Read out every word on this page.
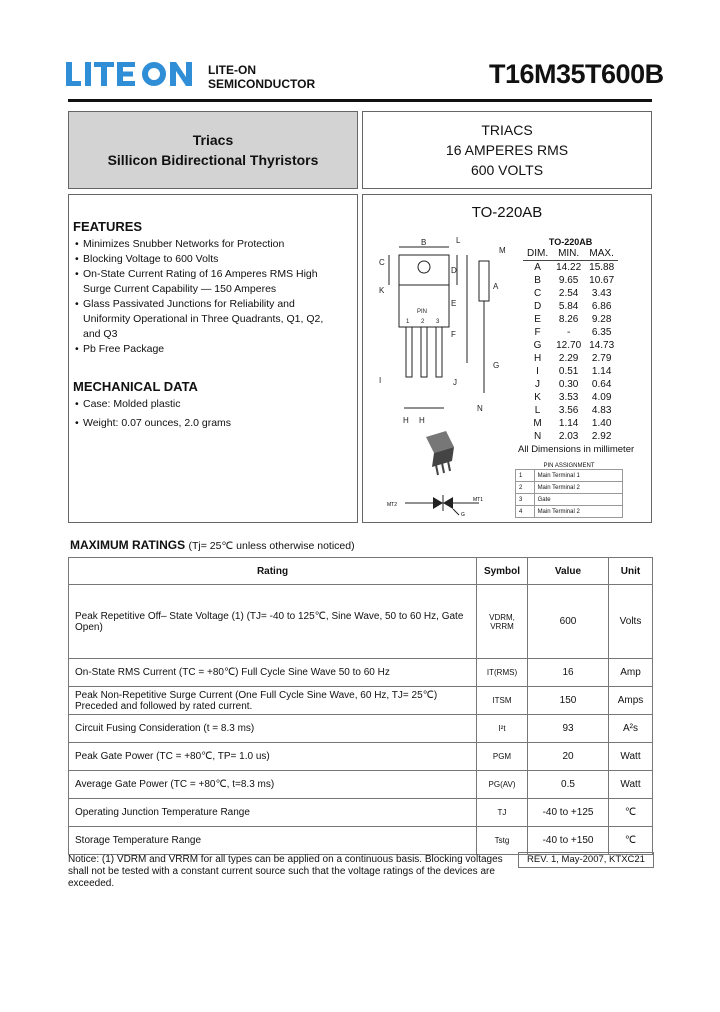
LITE-ON
SEMICONDUCTOR	T16M35T600B
Triacs
Sillicon Bidirectional Thyristors
TRIACS
16 AMPERES RMS
600 VOLTS
FEATURES
• Minimizes Snubber Networks for Protection
• Blocking Voltage to 600 Volts
• On-State Current Rating of 16 Amperes RMS High Surge Current Capability — 150 Amperes
• Glass Passivated Junctions for Reliability and Uniformity Operational in Three Quadrants, Q1, Q2, and Q3
• Pb Free Package
MECHANICAL DATA
• Case: Molded plastic
• Weight: 0.07 ounces, 2.0 grams
TO-220AB
B
C
K
D
E
F
G
L
M
A
I	J
N
H H
PIN
1 2 3
MT2
MT1
G
TO-220AB
DIM.	MIN.	MAX.
A	14.22	15.88
B	9.65	10.67
C	2.54	3.43
D	5.84	6.86
E	8.26	9.28
F	-	6.35
G	12.70	14.73
H	2.29	2.79
I	0.51	1.14
J	0.30	0.64
K	3.53	4.09
L	3.56	4.83
M	1.14	1.40
N	2.03	2.92
All Dimensions in millimeter
PIN ASSIGNMENT
1	Main Terminal 1
2	Main Terminal 2
3	Gate
4	Main Terminal 2
MAXIMUM RATINGS (Tj= 25℃ unless otherwise noticed)
Rating	Symbol	Value	Unit
Peak Repetitive Off– State Voltage (1) (TJ= -40 to 125℃, Sine Wave, 50 to 60 Hz, Gate Open)	VDRM, VRRM	600	Volts
On-State RMS Current (TC = +80℃) Full Cycle Sine Wave 50 to 60 Hz	IT(RMS)	16	Amp
Peak Non-Repetitive Surge Current (One Full Cycle Sine Wave, 60 Hz, TJ= 25℃) Preceded and followed by rated current.	ITSM	150	Amps
Circuit Fusing Consideration (t = 8.3 ms)	I²t	93	A²s
Peak Gate Power (TC = +80℃, TP= 1.0 us)	PGM	20	Watt
Average Gate Power (TC = +80℃, t=8.3 ms)	PG(AV)	0.5	Watt
Operating Junction Temperature Range	TJ	-40 to +125	℃
Storage Temperature Range	Tstg	-40 to +150	℃
Notice: (1) VDRM and VRRM for all types can be applied on a continuous basis. Blocking voltages shall not be tested with a constant current source such that the voltage ratings of the devices are exceeded.
REV. 1, May-2007, KTXC21
